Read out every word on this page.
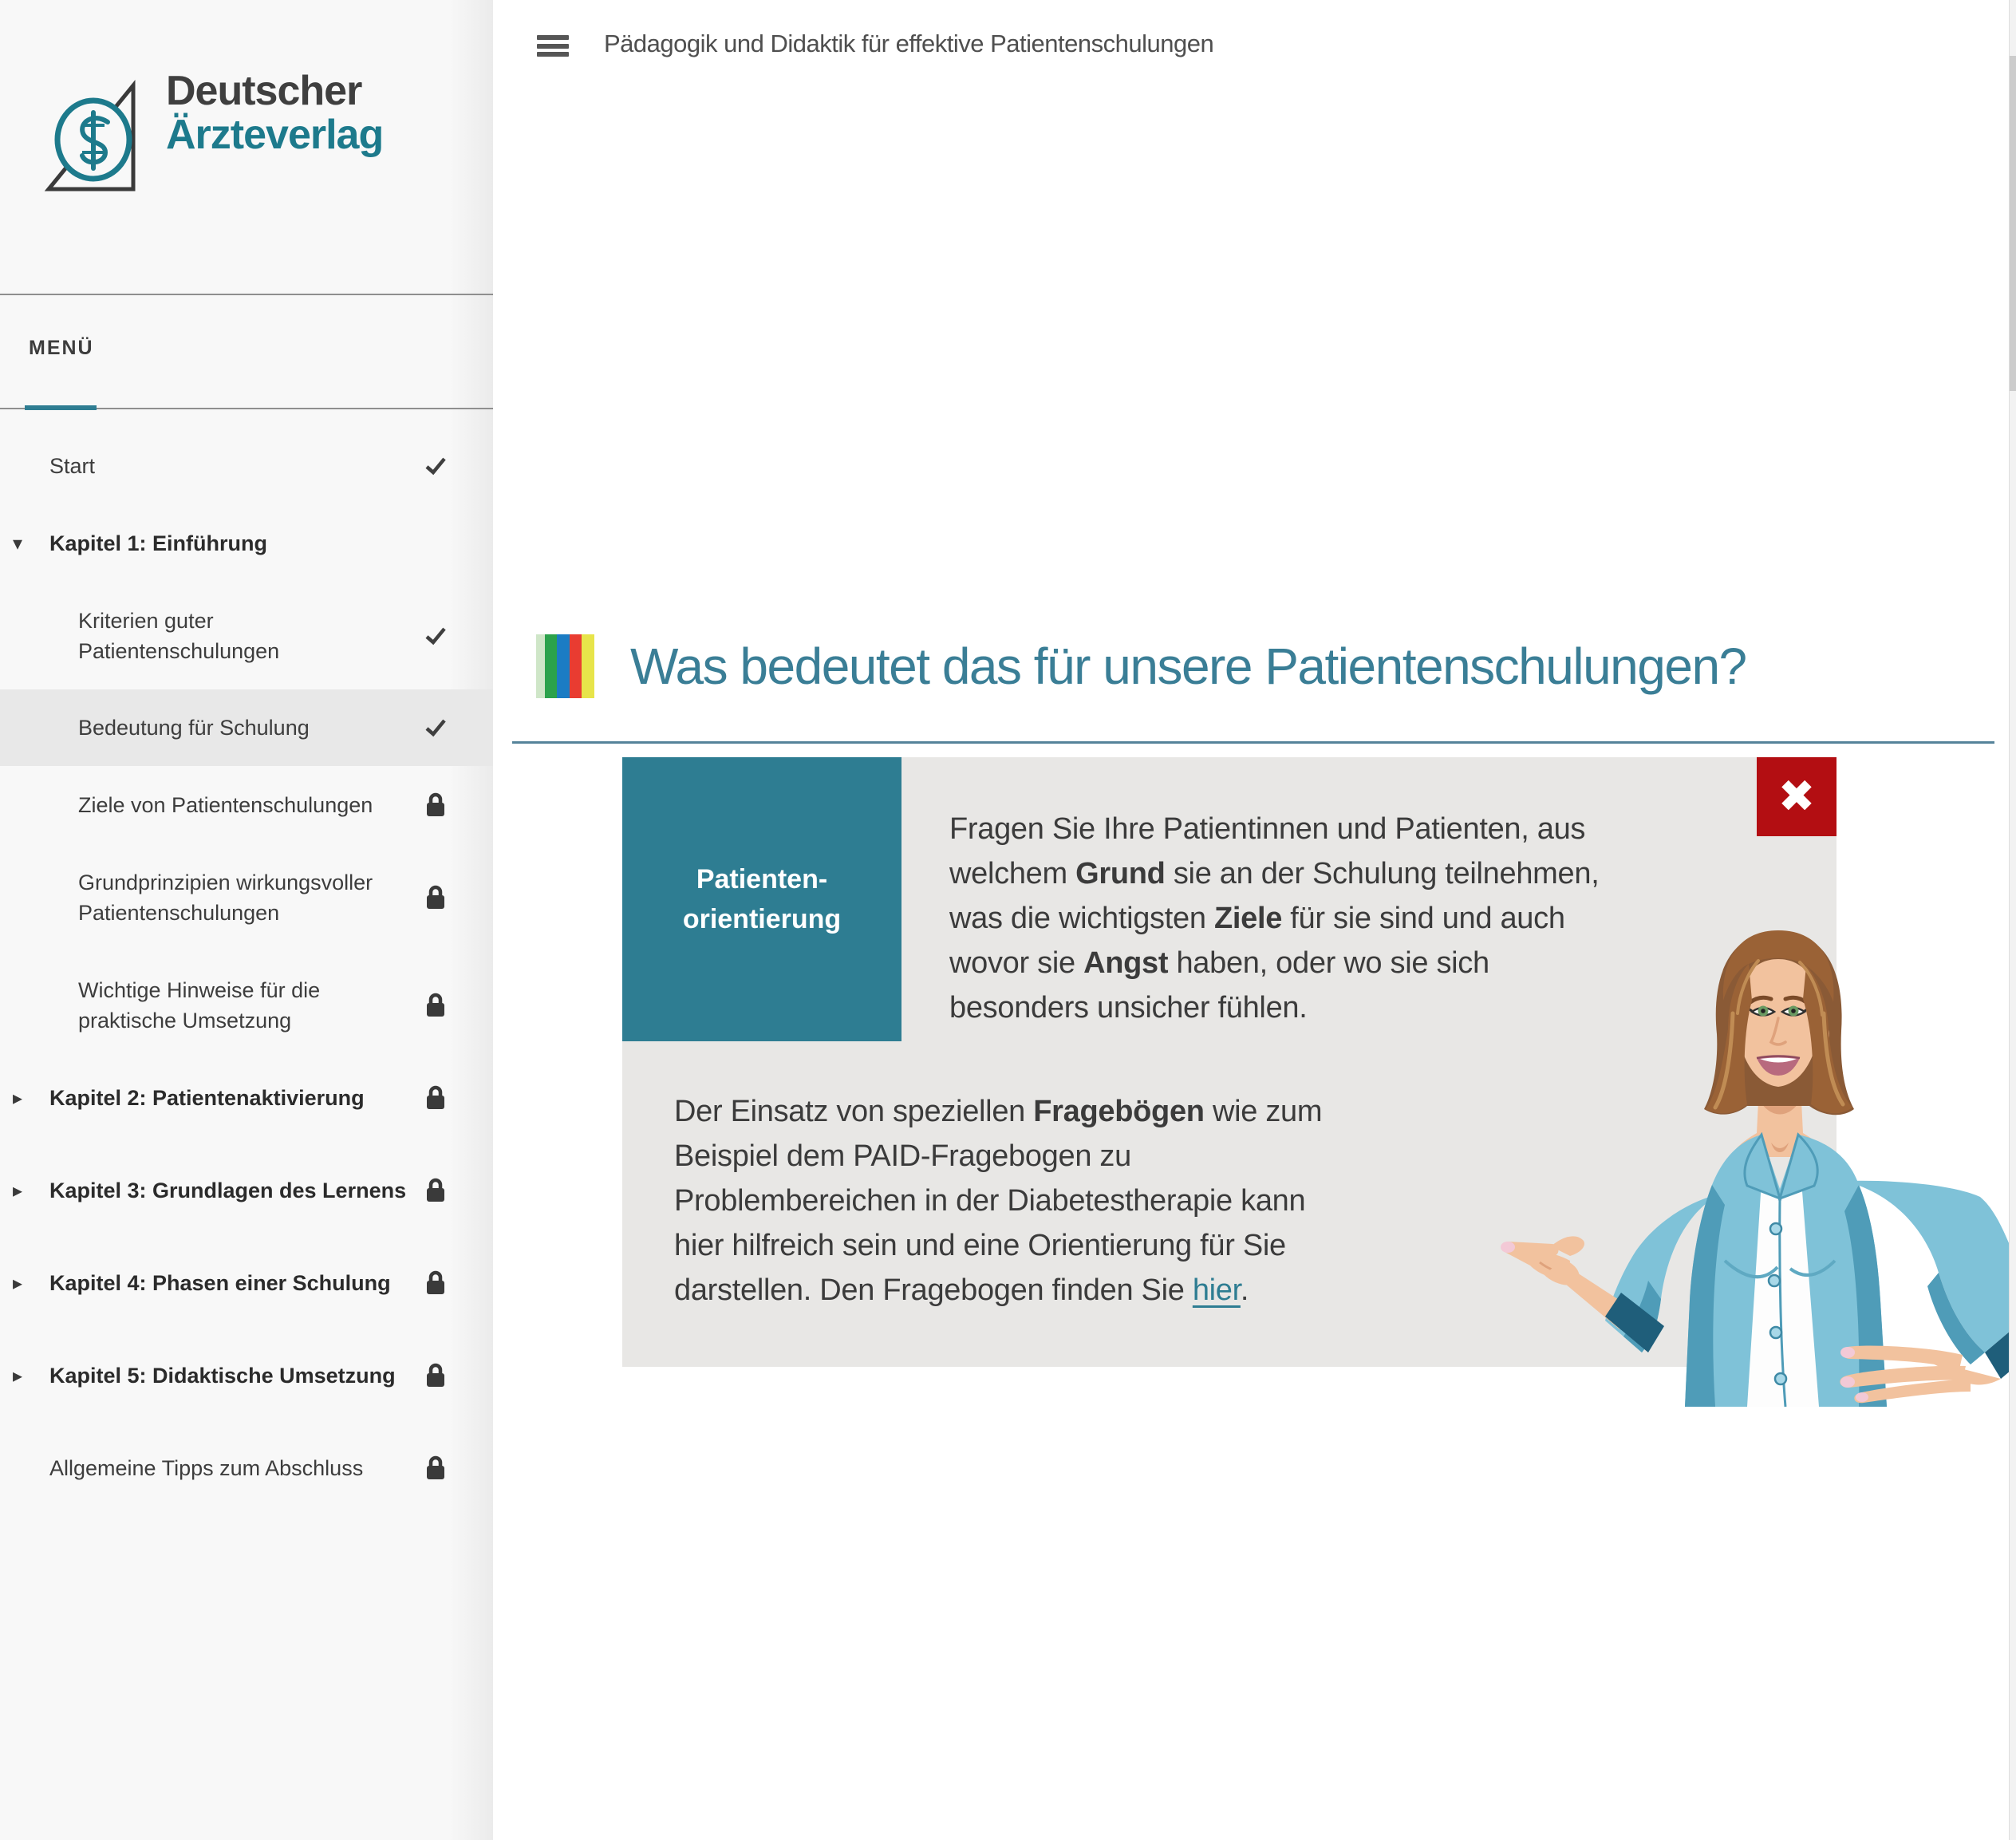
Deutscher
Ärzteverlag
MENÜ
Start
▾ Kapitel 1: Einführung
Kriterien guter Patientenschulungen
Bedeutung für Schulung
Ziele von Patientenschulungen
Grundprinzipien wirkungsvoller Patientenschulungen
Wichtige Hinweise für die praktische Umsetzung
▸ Kapitel 2: Patientenaktivierung
▸ Kapitel 3: Grundlagen des Lernens
▸ Kapitel 4: Phasen einer Schulung
▸ Kapitel 5: Didaktische Umsetzung
Allgemeine Tipps zum Abschluss
Pädagogik und Didaktik für effektive Patientenschulungen
Was bedeutet das für unsere Patientenschulungen?
Patienten-
orientierung
✖
Fragen Sie Ihre Patientinnen und Patienten, aus
welchem Grund sie an der Schulung teilnehmen,
was die wichtigsten Ziele für sie sind und auch
wovor sie Angst haben, oder wo sie sich
besonders unsicher fühlen.
Der Einsatz von speziellen Fragebögen wie zum
Beispiel dem PAID-Fragebogen zu
Problembereichen in der Diabetestherapie kann
hier hilfreich sein und eine Orientierung für Sie
darstellen. Den Fragebogen finden Sie hier.
